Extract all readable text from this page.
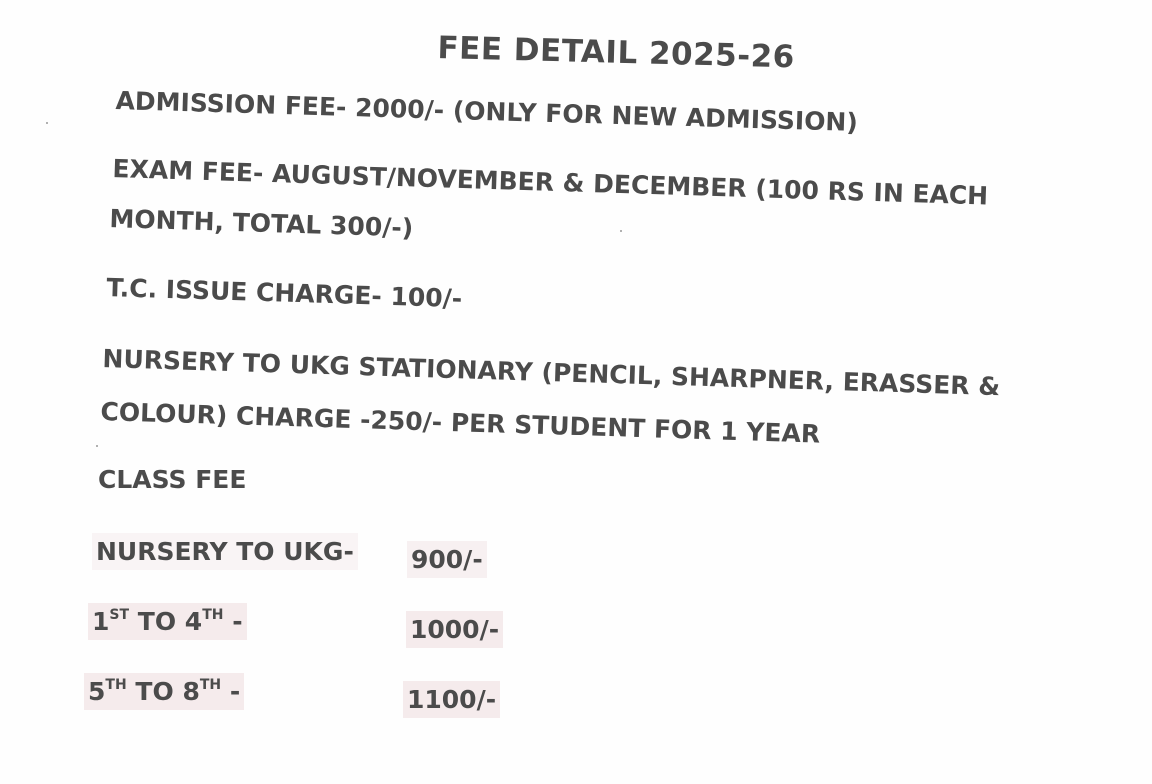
FEE DETAIL 2025-26
ADMISSION FEE- 2000/- (ONLY FOR NEW ADMISSION)
EXAM FEE- AUGUST/NOVEMBER & DECEMBER (100 RS IN EACH
MONTH, TOTAL 300/-)
T.C. ISSUE CHARGE- 100/-
NURSERY TO UKG STATIONARY (PENCIL, SHARPNER, ERASSER &
COLOUR) CHARGE -250/- PER STUDENT FOR 1 YEAR
CLASS FEE
NURSERY TO UKG- 900/-
1ST TO 4TH -	1000/-
5TH TO 8TH -	1100/-
